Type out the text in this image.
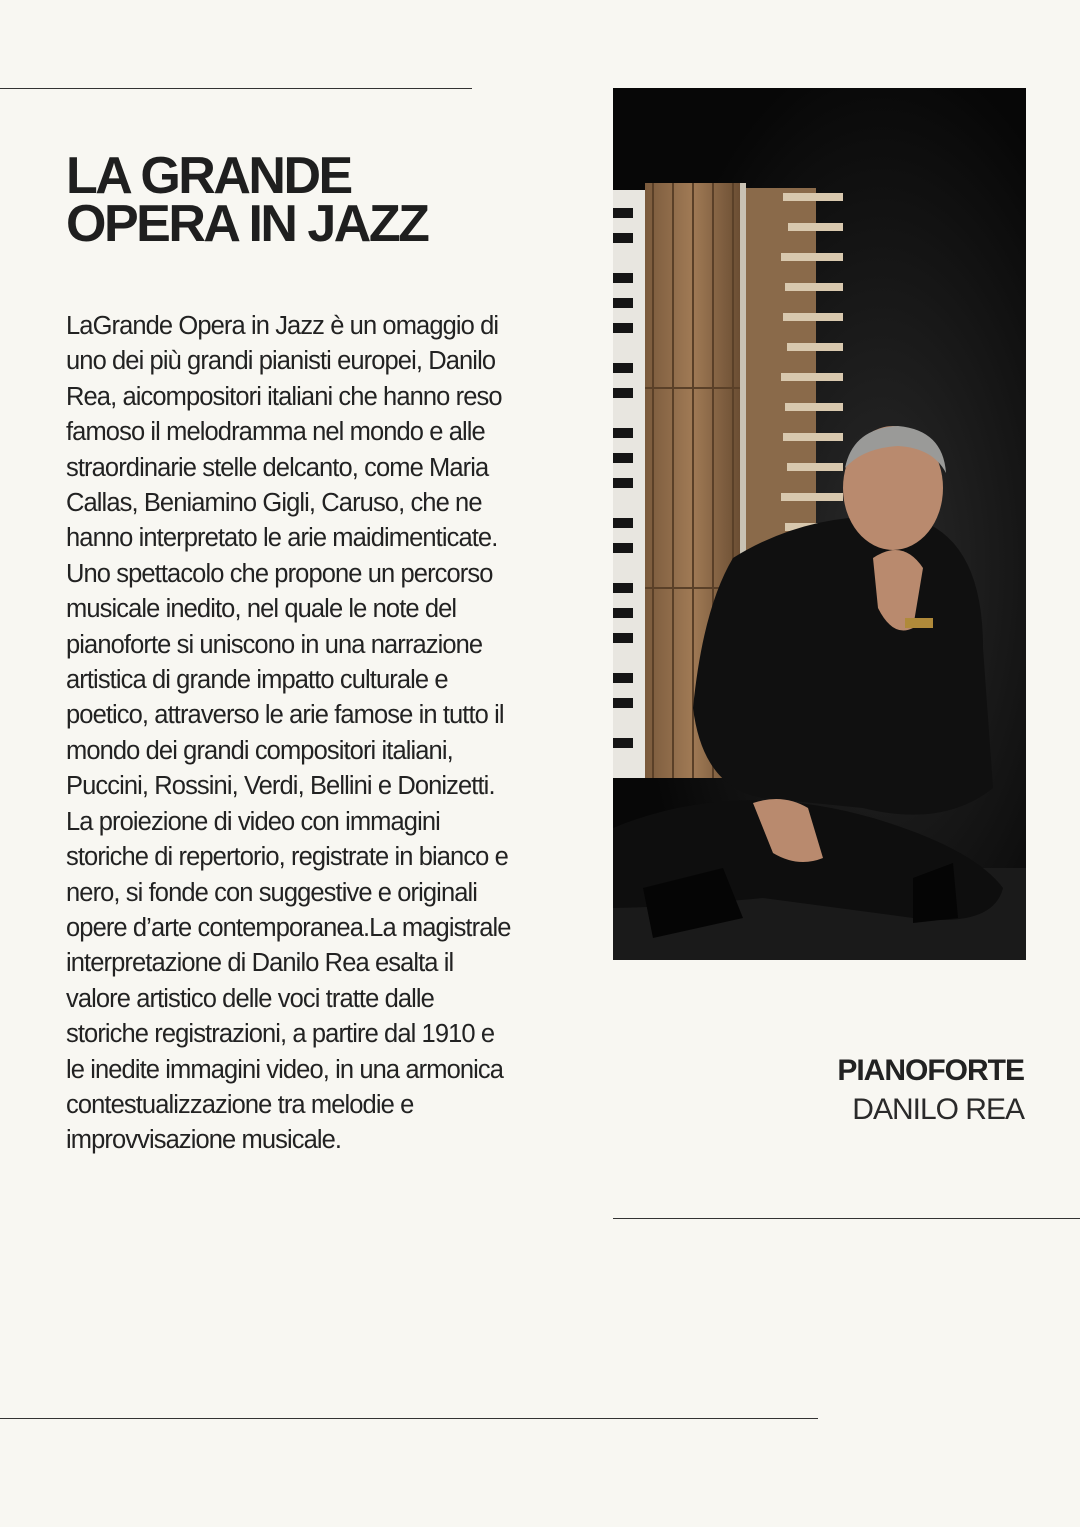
LA GRANDE
OPERA IN JAZZ

LaGrande Opera in Jazz è un omaggio di uno dei più grandi pianisti europei, Danilo Rea, aicompositori italiani che hanno reso famoso il melodramma nel mondo e alle straordinarie stelle delcanto, come Maria Callas, Beniamino Gigli, Caruso, che ne hanno interpretato le arie maidimenticate. Uno spettacolo che propone un percorso musicale inedito, nel quale le note del pianoforte si uniscono in una narrazione artistica di grande impatto culturale e poetico, attraverso le arie famose in tutto il mondo dei grandi compositori italiani, Puccini, Rossini, Verdi, Bellini e Donizetti. La proiezione di video con immagini storiche di repertorio, registrate in bianco e nero, si fonde con suggestive e originali opere d’arte contemporanea.La magistrale interpretazione di Danilo Rea esalta il valore artistico delle voci tratte dalle storiche registrazioni, a partire dal 1910 e le inedite immagini video, in una armonica contestualizzazione tra melodie e improvvisazione musicale.

PIANOFORTE
DANILO REA
